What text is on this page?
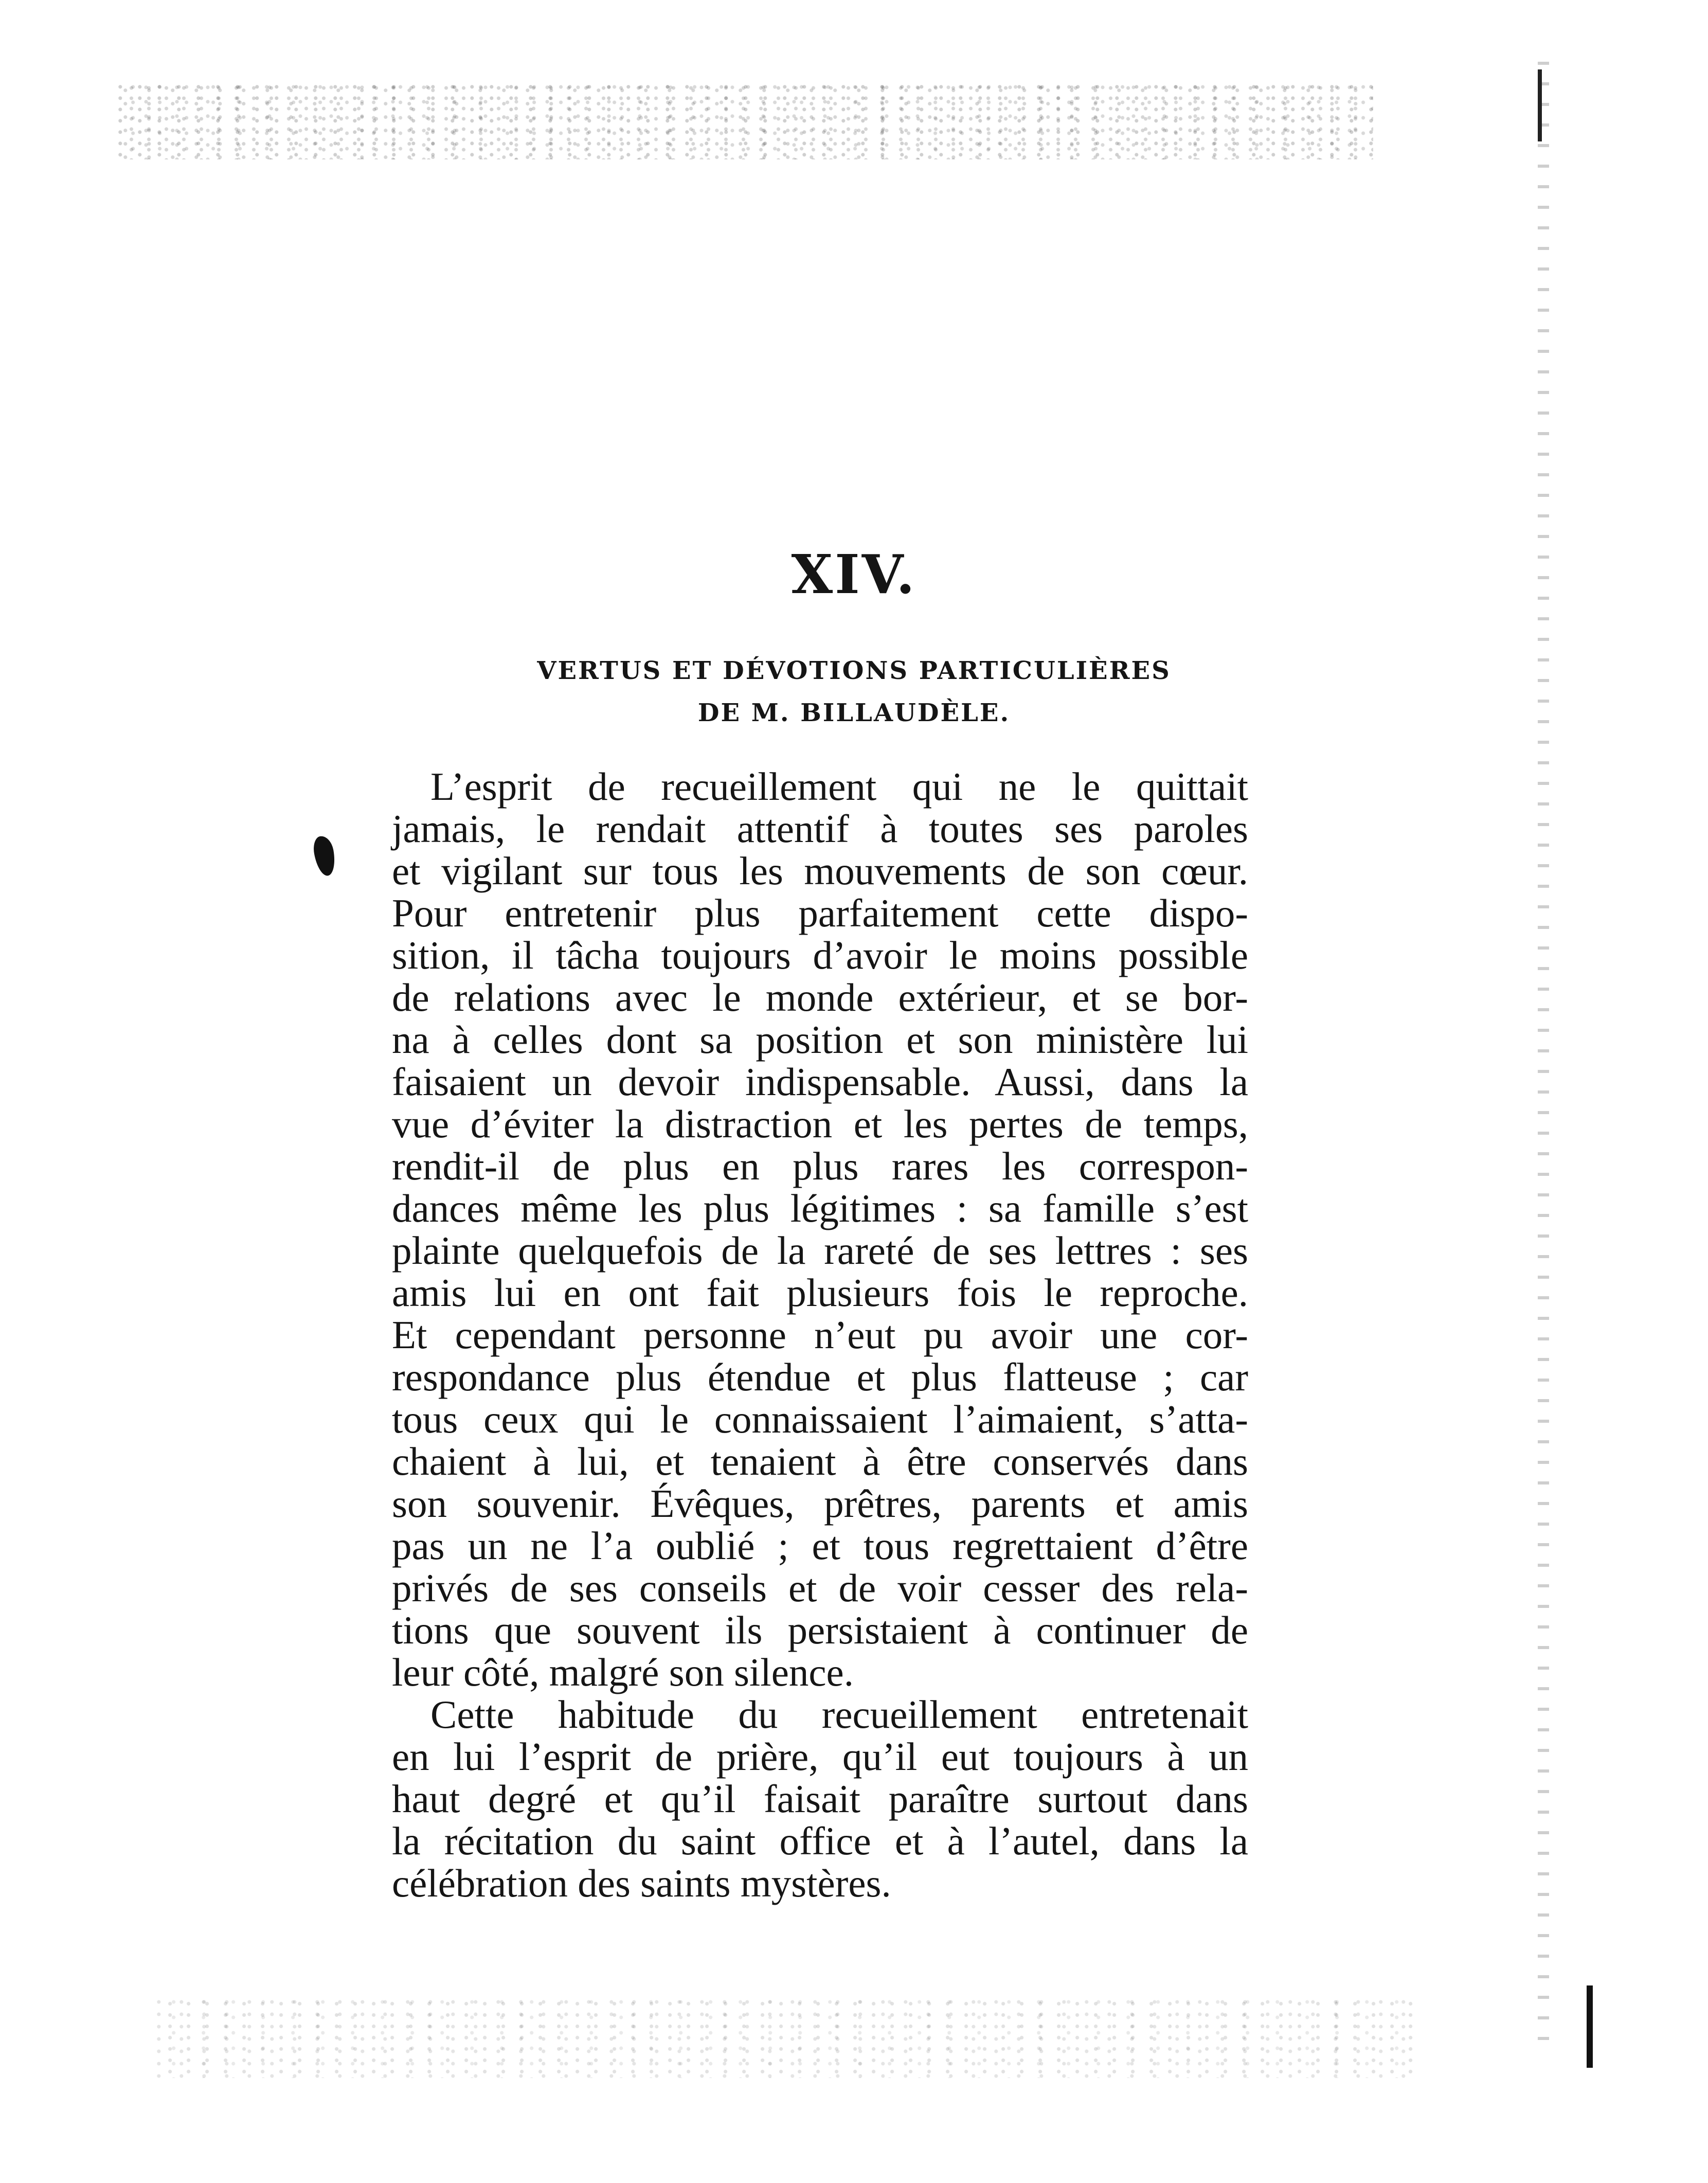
XIV.
VERTUS ET DÉVOTIONS PARTICULIÈRES
DE M. BILLAUDÈLE.
L’esprit de recueillement qui ne le quittait
jamais, le rendait attentif à toutes ses paroles
et vigilant sur tous les mouvements de son cœur.
Pour entretenir plus parfaitement cette dispo-
sition, il tâcha toujours d’avoir le moins possible
de relations avec le monde extérieur, et se bor-
na à celles dont sa position et son ministère lui
faisaient un devoir indispensable. Aussi, dans la
vue d’éviter la distraction et les pertes de temps,
rendit-il de plus en plus rares les correspon-
dances même les plus légitimes : sa famille s’est
plainte quelquefois de la rareté de ses lettres : ses
amis lui en ont fait plusieurs fois le reproche.
Et cependant personne n’eut pu avoir une cor-
respondance plus étendue et plus flatteuse ; car
tous ceux qui le connaissaient l’aimaient, s’atta-
chaient à lui, et tenaient à être conservés dans
son souvenir. Évêques, prêtres, parents et amis
pas un ne l’a oublié ; et tous regrettaient d’être
privés de ses conseils et de voir cesser des rela-
tions que souvent ils persistaient à continuer de
leur côté, malgré son silence.
Cette habitude du recueillement entretenait
en lui l’esprit de prière, qu’il eut toujours à un
haut degré et qu’il faisait paraître surtout dans
la récitation du saint office et à l’autel, dans la
célébration des saints mystères.
